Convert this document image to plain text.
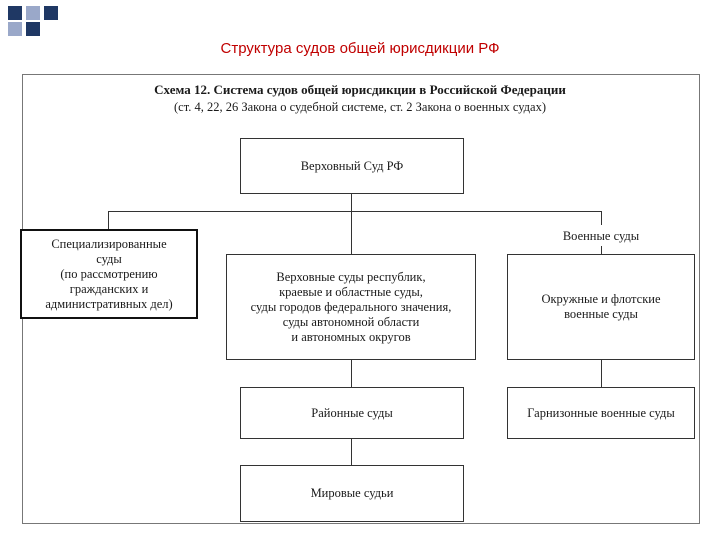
Структура судов общей юрисдикции РФ
Схема 12. Система судов общей юрисдикции в Российской Федерации
(ст. 4, 22, 26 Закона о судебной системе, ст. 2 Закона о военных судах)
Верховный Суд РФ
Специализированные
суды
(по рассмотрению
гражданских и
административных дел)
Военные суды
Верховные суды республик,
краевые и областные суды,
суды городов федерального значения,
суды автономной области
и автономных округов
Окружные и флотские
военные суды
Районные суды	Гарнизонные военные суды
Мировые судьи
